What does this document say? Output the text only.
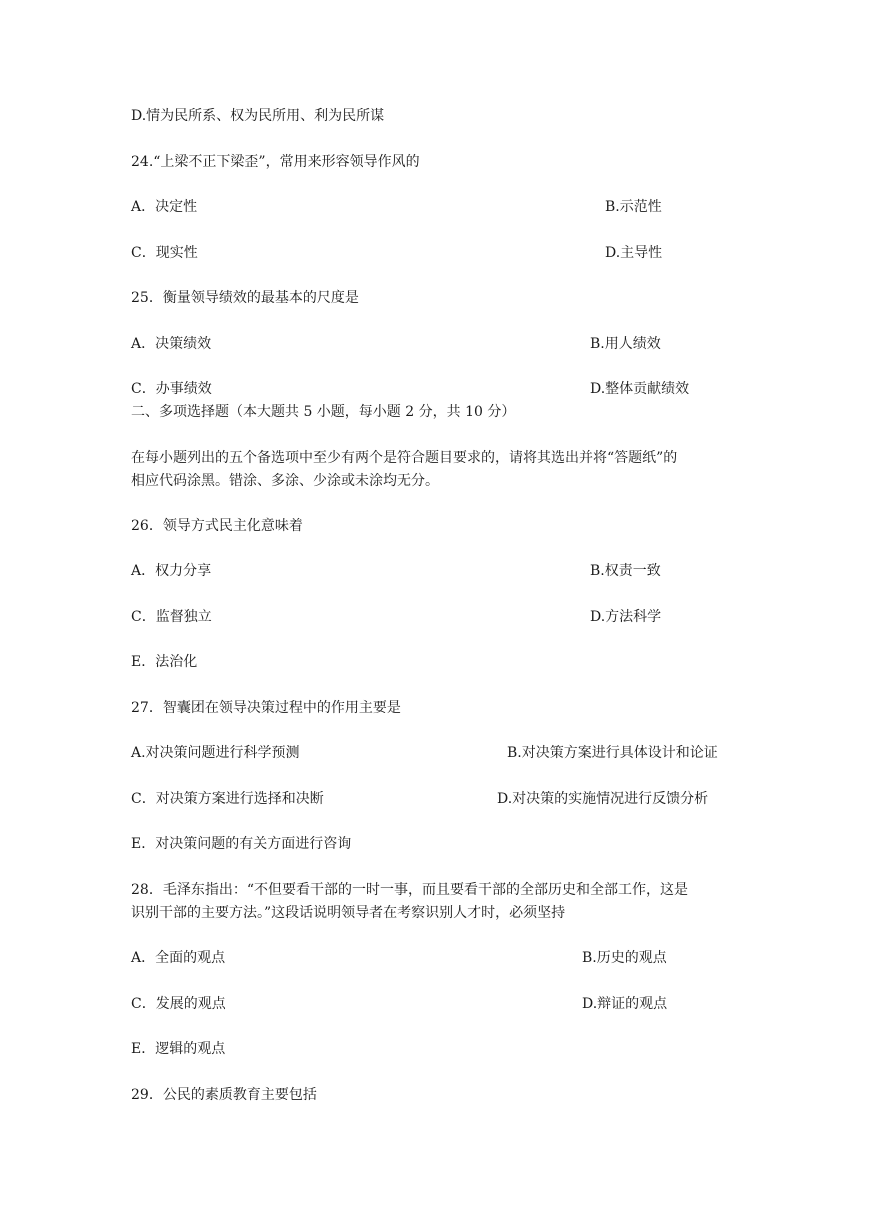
D.情为民所系、权为民所用、利为民所谋
24.“上梁不正下梁歪”，常用来形容领导作风的
A．决定性	B.示范性
C．现实性	D.主导性
25．衡量领导绩效的最基本的尺度是
A．决策绩效	B.用人绩效
C．办事绩效	D.整体贡献绩效
二、多项选择题（本大题共 5 小题，每小题 2 分，共 10 分）
在每小题列出的五个备选项中至少有两个是符合题目要求的，请将其选出并将“答题纸”的
相应代码涂黑。错涂、多涂、少涂或未涂均无分。
26．领导方式民主化意味着
A．权力分享	B.权责一致
C．监督独立	D.方法科学
E．法治化
27．智囊团在领导决策过程中的作用主要是
A.对决策问题进行科学预测	B.对决策方案进行具体设计和论证
C．对决策方案进行选择和决断	D.对决策的实施情况进行反馈分析
E．对决策问题的有关方面进行咨询
28．毛泽东指出：“不但要看干部的一时一事，而且要看干部的全部历史和全部工作，这是
识别干部的主要方法。”这段话说明领导者在考察识别人才时，必须坚持
A．全面的观点	B.历史的观点
C．发展的观点	D.辩证的观点
E．逻辑的观点
29．公民的素质教育主要包括
